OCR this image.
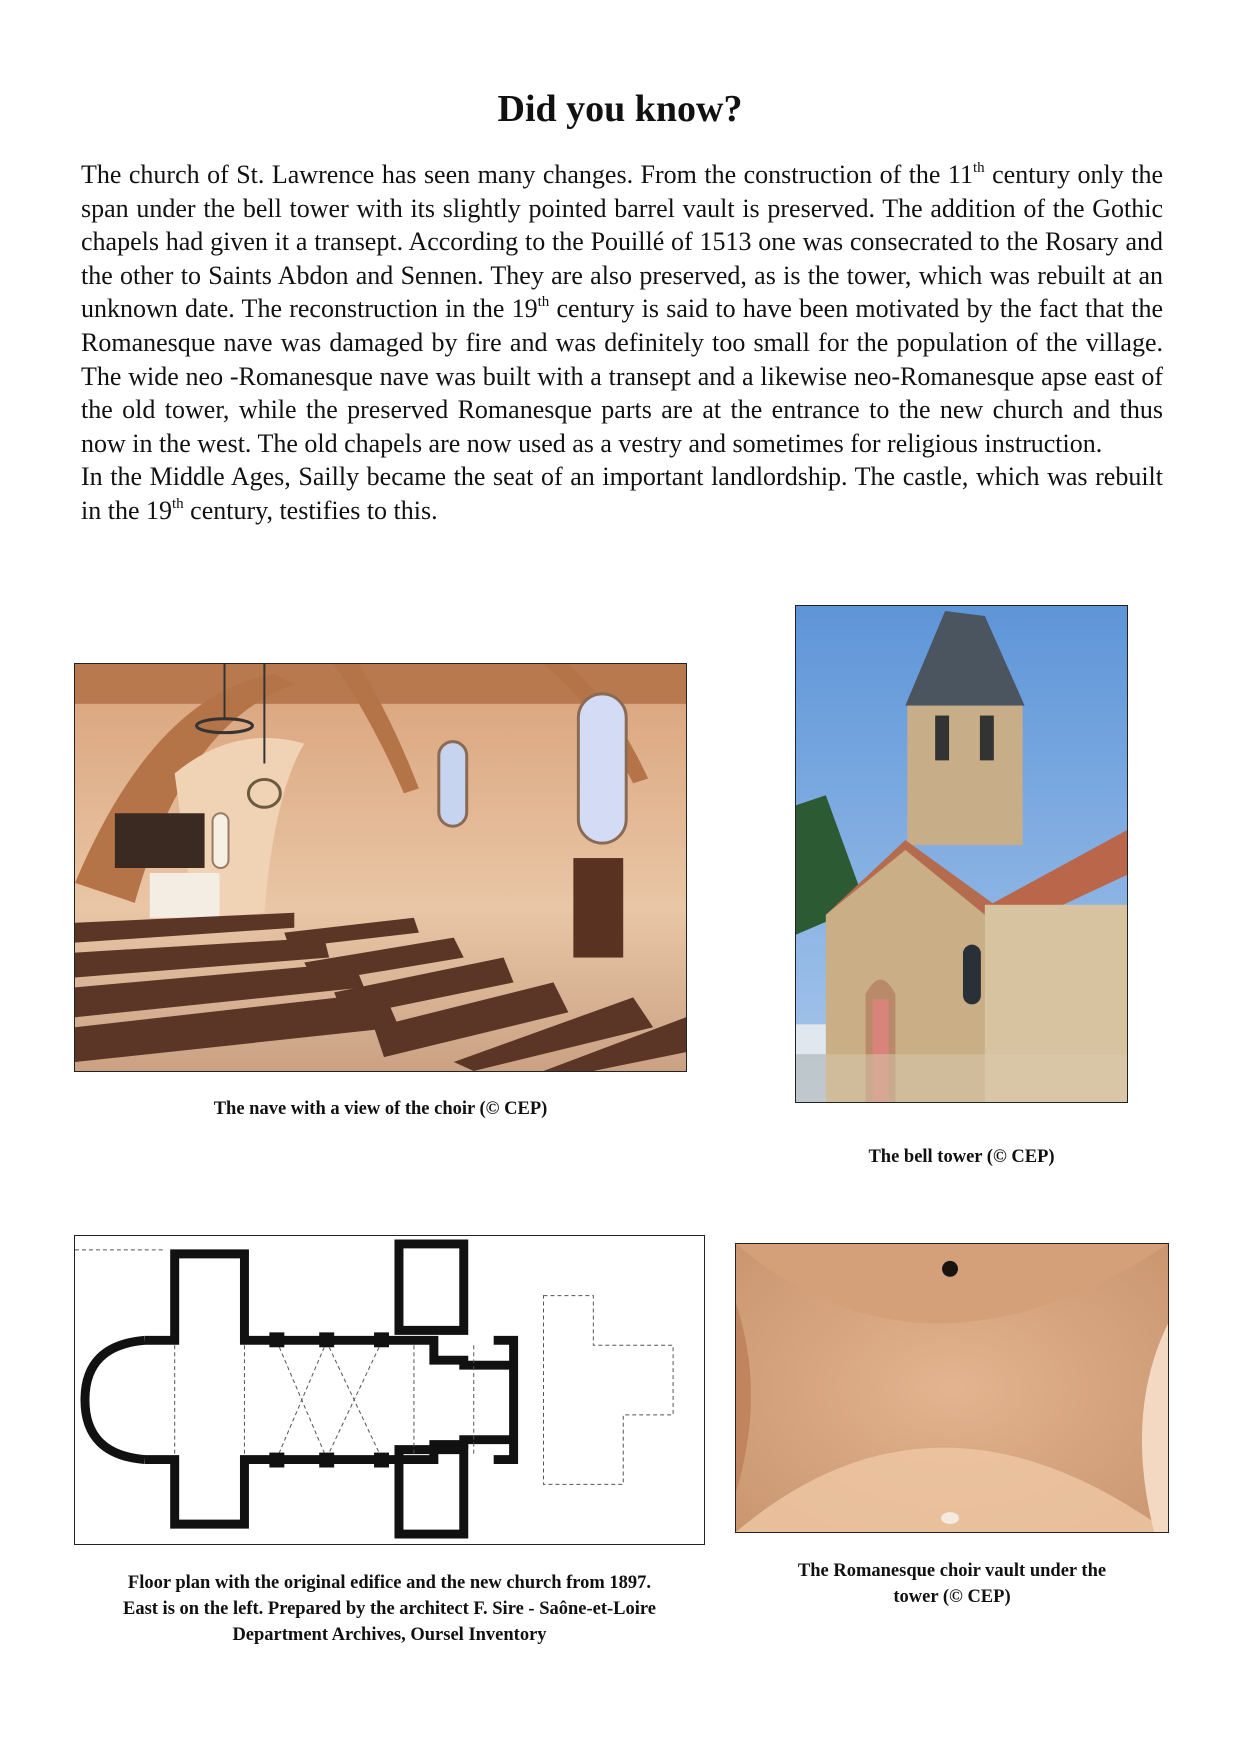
Did you know?

The church of St. Lawrence has seen many changes. From the construction of the 11th century only the span under the bell tower with its slightly pointed barrel vault is preserved. The addition of the Gothic chapels had given it a transept. According to the Pouillé of 1513 one was consecrated to the Rosary and the other to Saints Abdon and Sennen. They are also preserved, as is the tower, which was rebuilt at an unknown date. The reconstruction in the 19th century is said to have been motivated by the fact that the Romanesque nave was damaged by fire and was definitely too small for the population of the village. The wide neo -Romanesque nave was built with a transept and a likewise neo-Romanesque apse east of the old tower, while the preserved Romanesque parts are at the entrance to the new church and thus now in the west. The old chapels are now used as a vestry and sometimes for religious instruction.

In the Middle Ages, Sailly became the seat of an important landlordship. The castle, which was rebuilt in the 19th century, testifies to this.

The nave with a view of the choir (© CEP)
The bell tower (© CEP)
Floor plan with the original edifice and the new church from 1897.
East is on the left. Prepared by the architect F. Sire - Saône-et-Loire
Department Archives, Oursel Inventory
The Romanesque choir vault under the
tower (© CEP)
